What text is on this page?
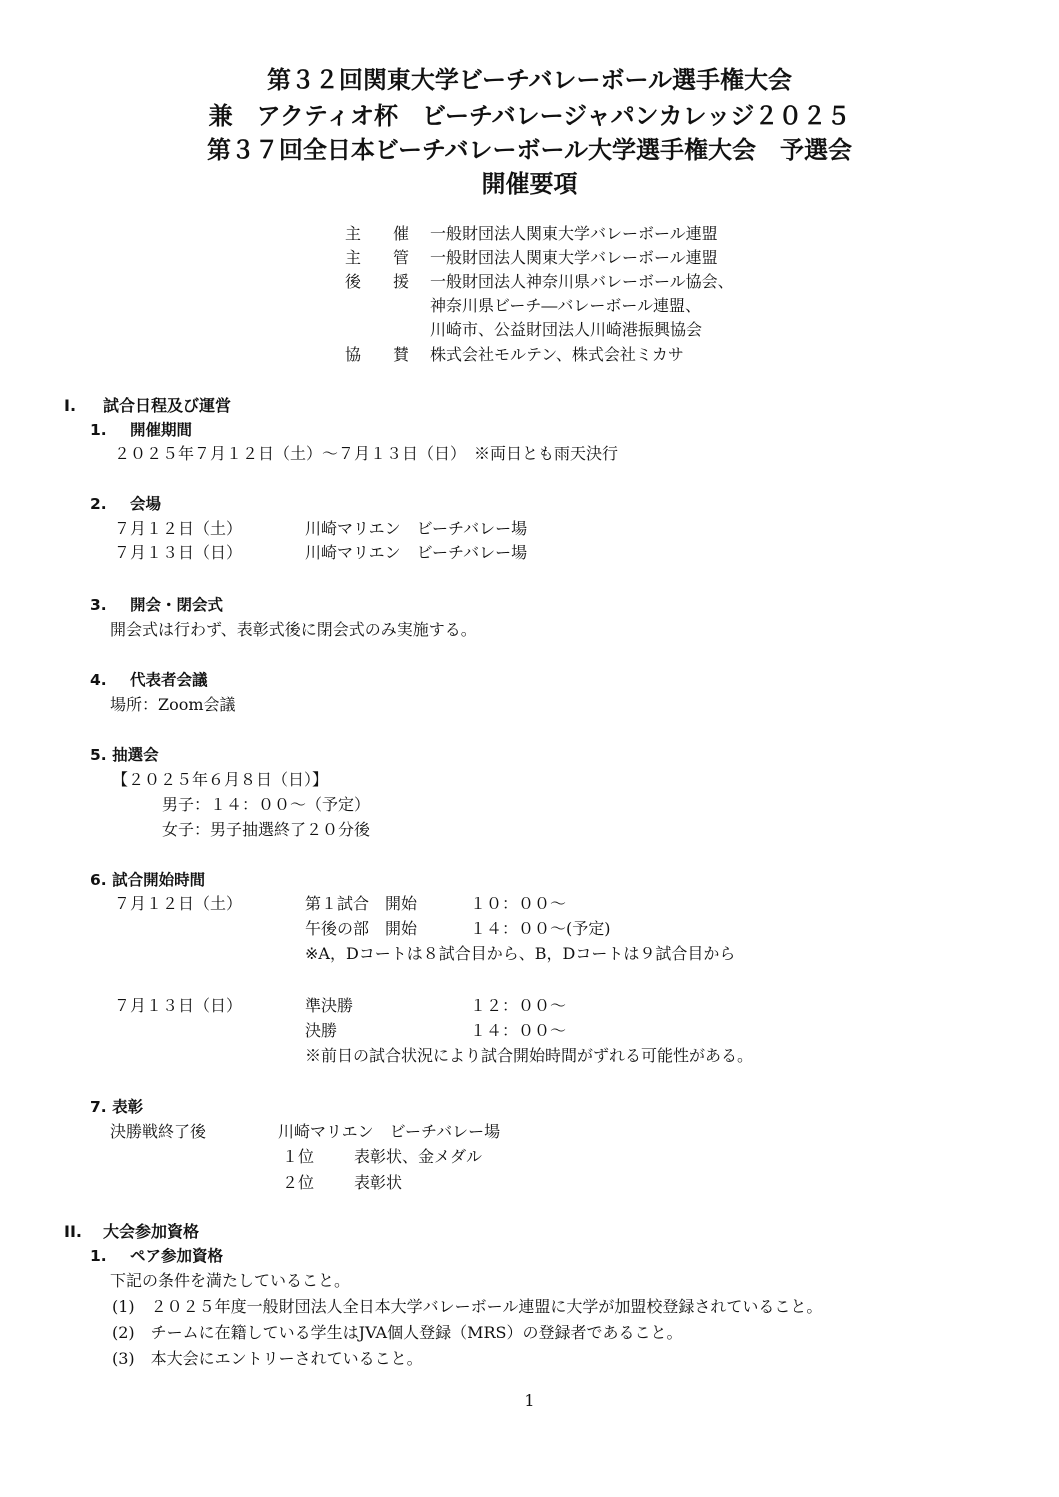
第３２回関東大学ビーチバレーボール選手権大会
兼　アクティオ杯　ビーチバレージャパンカレッジ２０２５
第３７回全日本ビーチバレーボール大学選手権大会　予選会
開催要項
主　　催 一般財団法人関東大学バレーボール連盟
主　　管 一般財団法人関東大学バレーボール連盟
後　　援 一般財団法人神奈川県バレーボール協会、
神奈川県ビーチ―バレーボール連盟、
川崎市、公益財団法人川崎港振興協会
協　　賛 株式会社モルテン、株式会社ミカサ
I. 試合日程及び運営
1. 開催期間
２０２５年７月１２日（土）～７月１３日（日）　※両日とも雨天決行
2. 会場
７月１２日（土）	川崎マリエン　ビーチバレー場
７月１３日（日）	川崎マリエン　ビーチバレー場
3. 開会・閉会式
開会式は行わず、表彰式後に閉会式のみ実施する。
4. 代表者会議
場所：Zoom会議
5. 抽選会
【２０２５年６月８日（日）】
男子：１４：００～（予定）
女子：男子抽選終了２０分後
6. 試合開始時間
７月１２日（土）	第１試合　開始	１０：００～
午後の部　開始	１４：００～(予定)
※A，Dコートは８試合目から、B，Dコートは９試合目から
７月１３日（日）	準決勝	１２：００～
決勝	１４：００～
※前日の試合状況により試合開始時間がずれる可能性がある。
7. 表彰
決勝戦終了後	川崎マリエン　ビーチバレー場
１位 表彰状、金メダル
２位 表彰状
II. 大会参加資格
1. ペア参加資格
下記の条件を満たしていること。
(1)　２０２５年度一般財団法人全日本大学バレーボール連盟に大学が加盟校登録されていること。
(2)　チームに在籍している学生はJVA個人登録（MRS）の登録者であること。
(3)　本大会にエントリーされていること。
1
